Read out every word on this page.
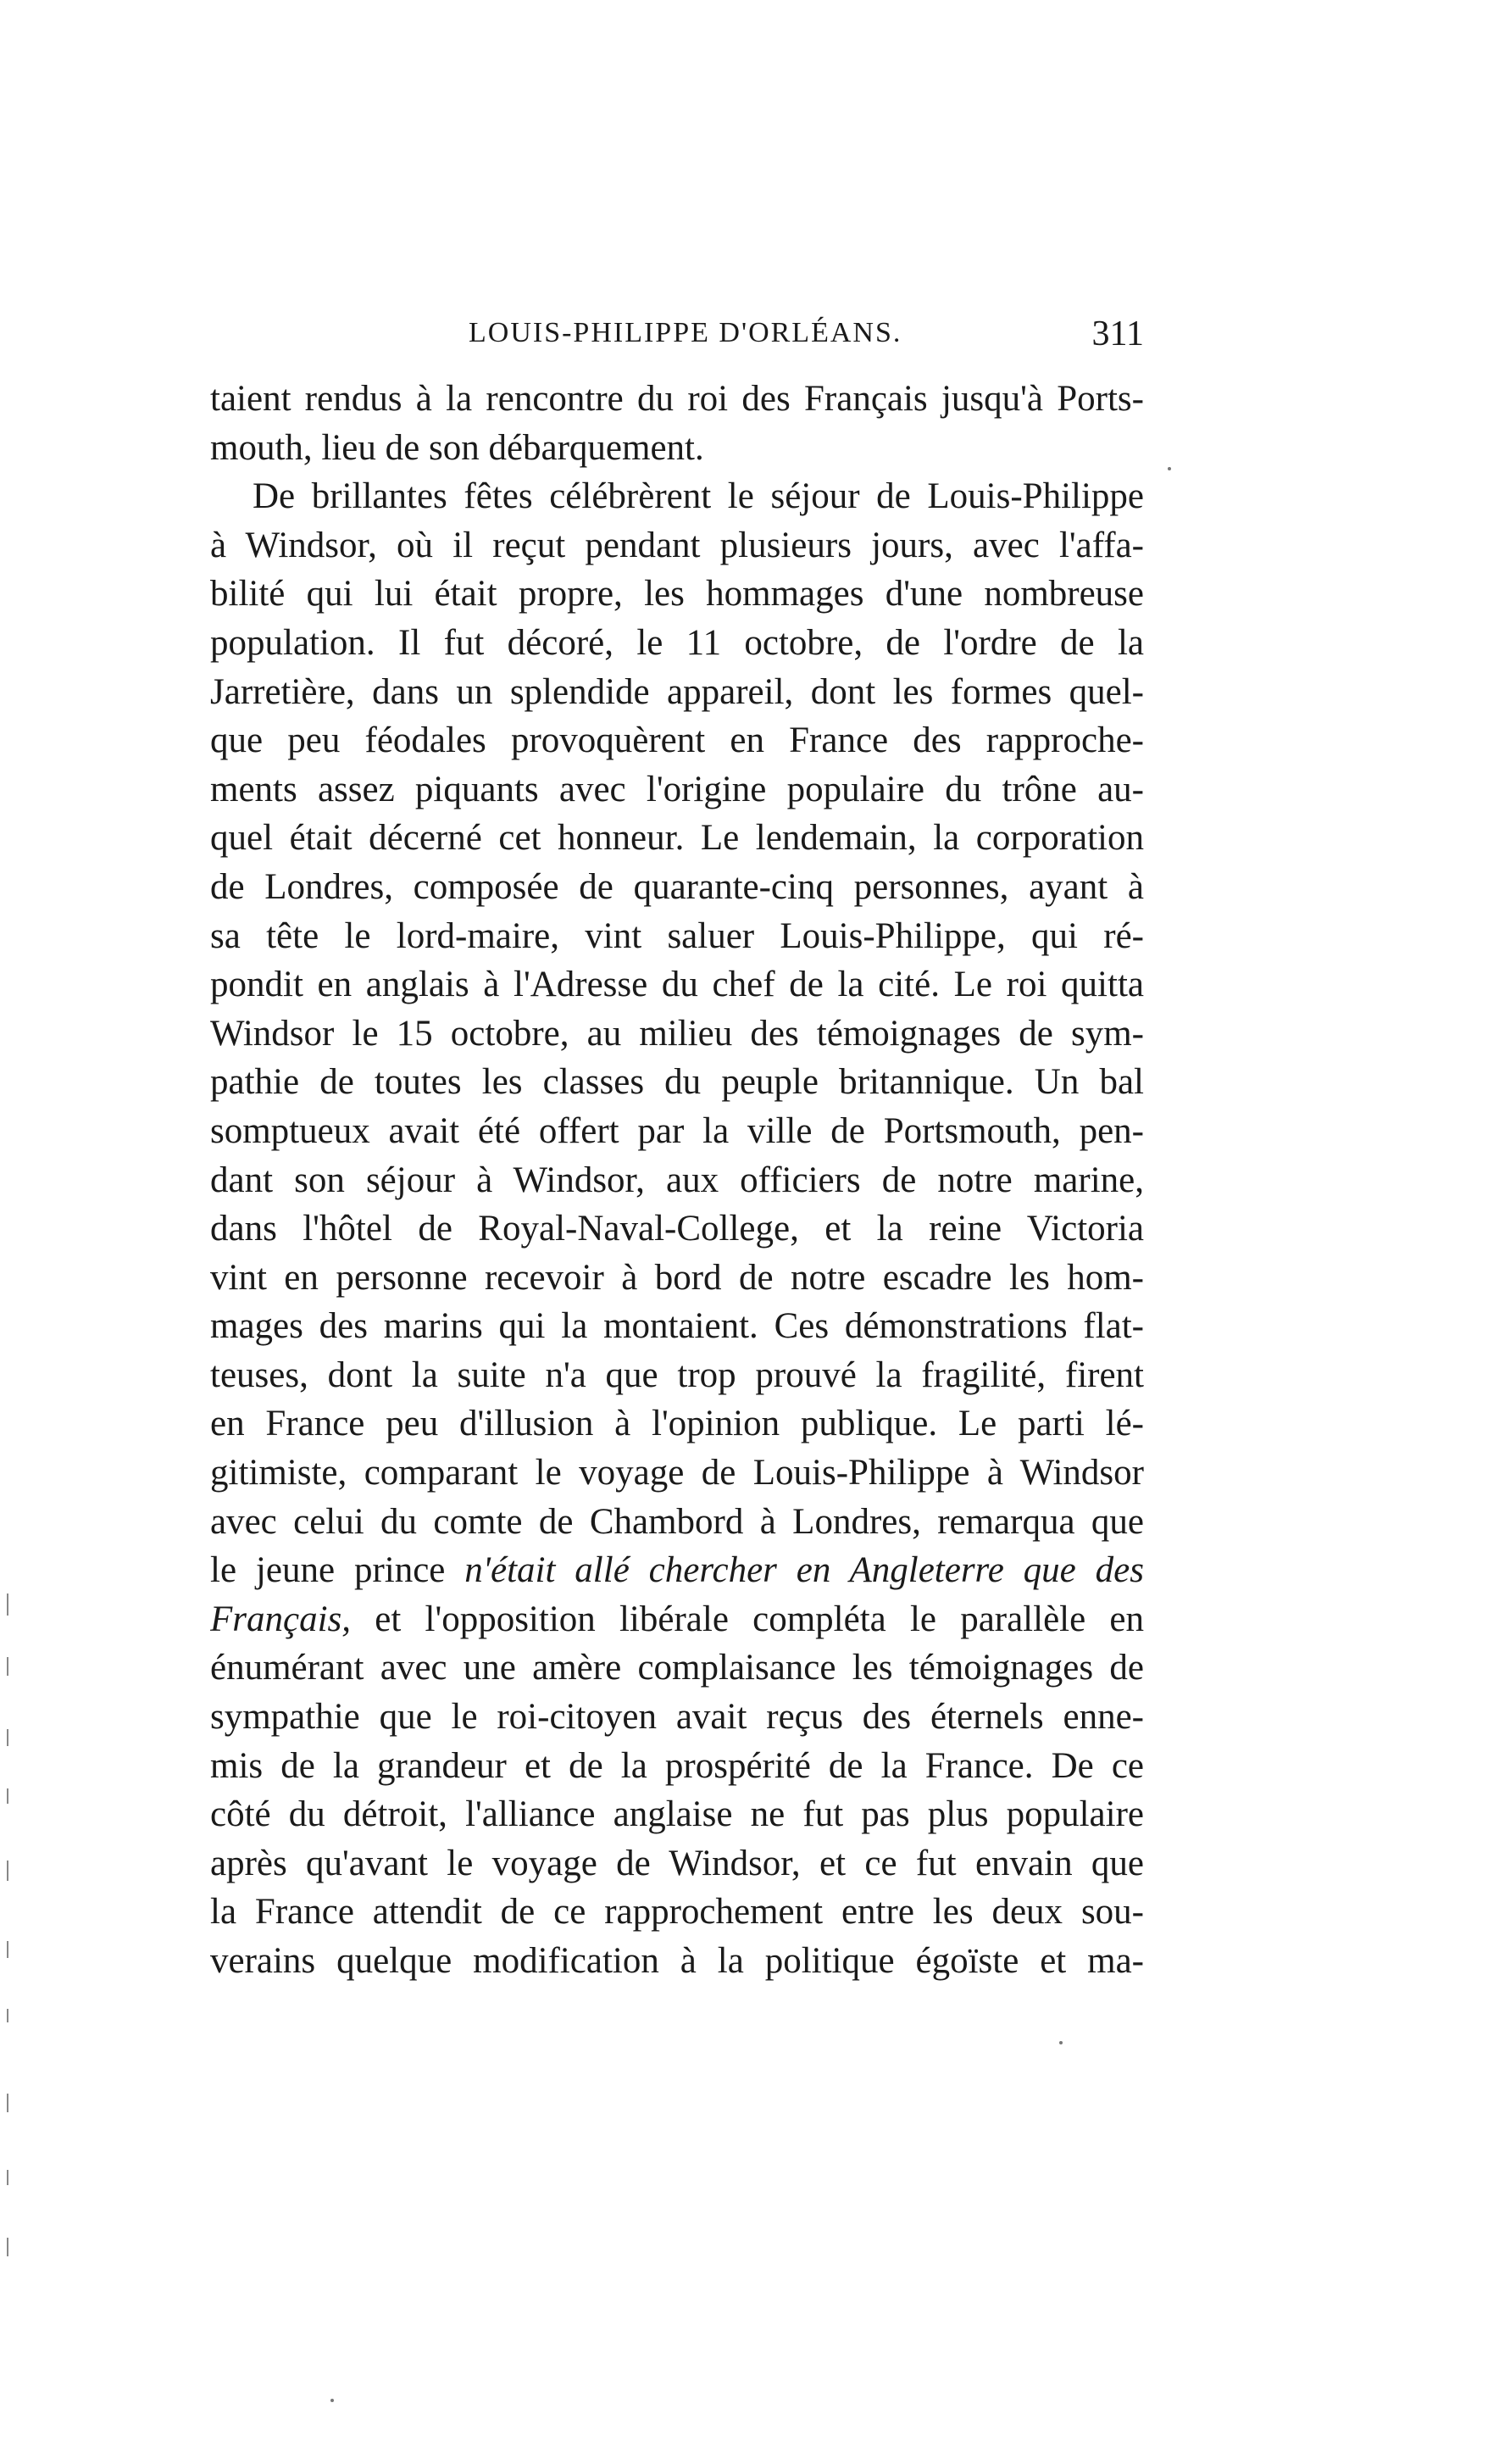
LOUIS-PHILIPPE D'ORLÉANS.	311
taient rendus à la rencontre du roi des Français jusqu'à Ports-
mouth, lieu de son débarquement.
De brillantes fêtes célébrèrent le séjour de Louis-Philippe
à Windsor, où il reçut pendant plusieurs jours, avec l'affa-
bilité qui lui était propre, les hommages d'une nombreuse
population. Il fut décoré, le 11 octobre, de l'ordre de la
Jarretière, dans un splendide appareil, dont les formes quel-
que peu féodales provoquèrent en France des rapproche-
ments assez piquants avec l'origine populaire du trône au-
quel était décerné cet honneur. Le lendemain, la corporation
de Londres, composée de quarante-cinq personnes, ayant à
sa tête le lord-maire, vint saluer Louis-Philippe, qui ré-
pondit en anglais à l'Adresse du chef de la cité. Le roi quitta
Windsor le 15 octobre, au milieu des témoignages de sym-
pathie de toutes les classes du peuple britannique. Un bal
somptueux avait été offert par la ville de Portsmouth, pen-
dant son séjour à Windsor, aux officiers de notre marine,
dans l'hôtel de Royal-Naval-College, et la reine Victoria
vint en personne recevoir à bord de notre escadre les hom-
mages des marins qui la montaient. Ces démonstrations flat-
teuses, dont la suite n'a que trop prouvé la fragilité, firent
en France peu d'illusion à l'opinion publique. Le parti lé-
gitimiste, comparant le voyage de Louis-Philippe à Windsor
avec celui du comte de Chambord à Londres, remarqua que
le jeune prince n'était allé chercher en Angleterre que des
Français, et l'opposition libérale compléta le parallèle en
énumérant avec une amère complaisance les témoignages de
sympathie que le roi-citoyen avait reçus des éternels enne-
mis de la grandeur et de la prospérité de la France. De ce
côté du détroit, l'alliance anglaise ne fut pas plus populaire
après qu'avant le voyage de Windsor, et ce fut envain que
la France attendit de ce rapprochement entre les deux sou-
verains quelque modification à la politique égoïste et ma-
